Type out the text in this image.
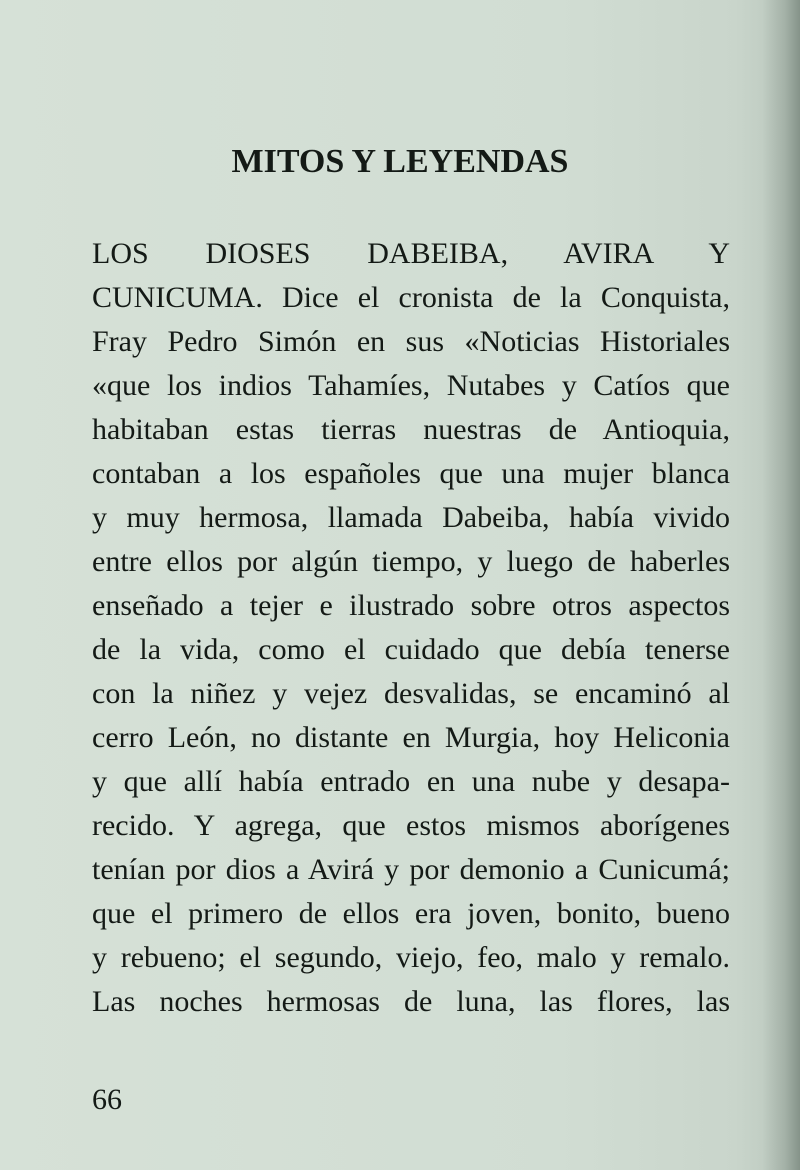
MITOS Y LEYENDAS
LOS DIOSES DABEIBA, AVIRA Y
CUNICUMA. Dice el cronista de la Conquista,
Fray Pedro Simón en sus «Noticias Historiales
«que los indios Tahamíes, Nutabes y Catíos que
habitaban estas tierras nuestras de Antioquia,
contaban a los españoles que una mujer blanca
y muy hermosa, llamada Dabeiba, había vivido
entre ellos por algún tiempo, y luego de haberles
enseñado a tejer e ilustrado sobre otros aspectos
de la vida, como el cuidado que debía tenerse
con la niñez y vejez desvalidas, se encaminó al
cerro León, no distante en Murgia, hoy Heliconia
y que allí había entrado en una nube y desapa-
recido. Y agrega, que estos mismos aborígenes
tenían por dios a Avirá y por demonio a Cunicumá;
que el primero de ellos era joven, bonito, bueno
y rebueno; el segundo, viejo, feo, malo y remalo.
Las noches hermosas de luna, las flores, las
66
